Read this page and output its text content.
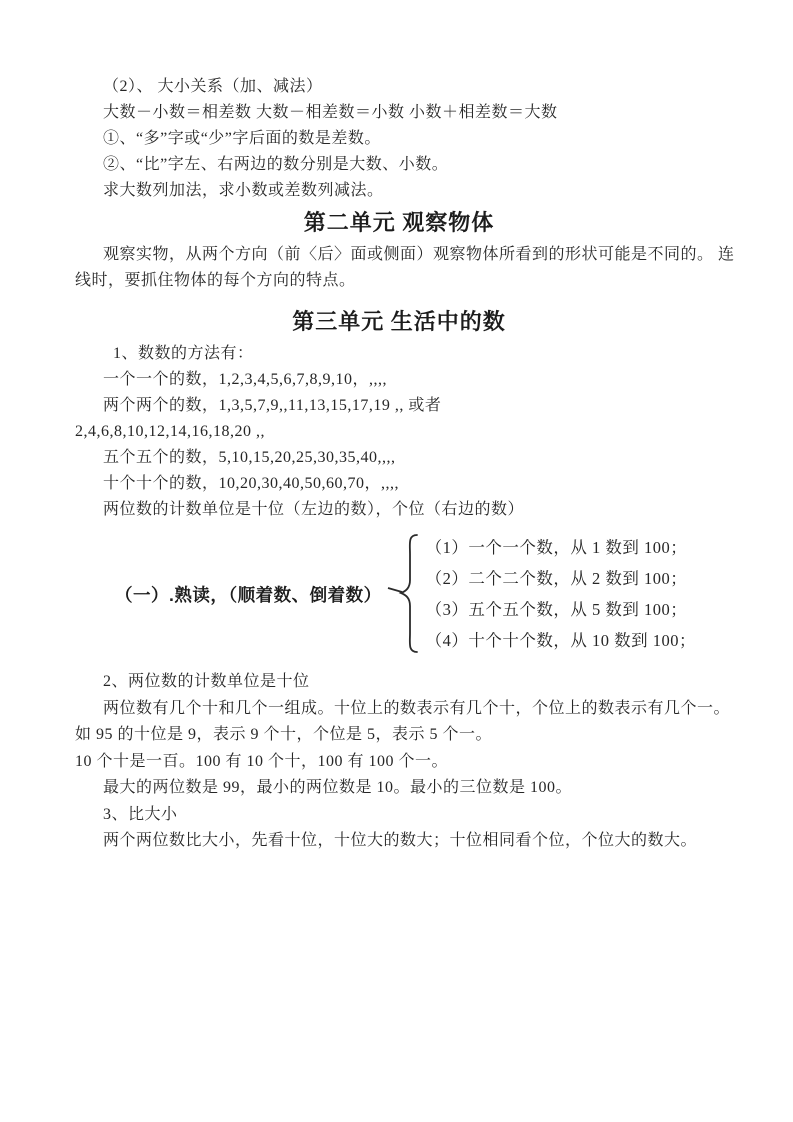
（2）、 大小关系（加、减法）

大数－小数＝相差数 大数－相差数＝小数 小数＋相差数＝大数

①、“多”字或“少”字后面的数是差数。

②、“比”字左、右两边的数分别是大数、小数。

求大数列加法，求小数或差数列减法。

第二单元 观察物体

观察实物，从两个方向（前〈后〉面或侧面）观察物体所看到的形状可能是不同的。 连

线时，要抓住物体的每个方向的特点。

第三单元 生活中的数

1、数数的方法有：

一个一个的数，1,2,3,4,5,6,7,8,9,10，,,,,

两个两个的数，1,3,5,7,9,,11,13,15,17,19 ,, 或者

2,4,6,8,10,12,14,16,18,20 ,,

五个五个的数，5,10,15,20,25,30,35,40,,,,

十个十个的数，10,20,30,40,50,60,70，,,,,

两位数的计数单位是十位（左边的数），个位（右边的数）

（一）.熟读，（顺着数、倒着数）

（1）一个一个数，从 1 数到 100；

（2）二个二个数，从 2 数到 100；

（3）五个五个数，从 5 数到 100；

（4）十个十个数，从 10 数到 100；

2、两位数的计数单位是十位

两位数有几个十和几个一组成。十位上的数表示有几个十，个位上的数表示有几个一。

如 95 的十位是 9，表示 9 个十，个位是 5，表示 5 个一。

10 个十是一百。100 有 10 个十，100 有 100 个一。

最大的两位数是 99，最小的两位数是 10。最小的三位数是 100。

3、比大小

两个两位数比大小，先看十位，十位大的数大；十位相同看个位，个位大的数大。
